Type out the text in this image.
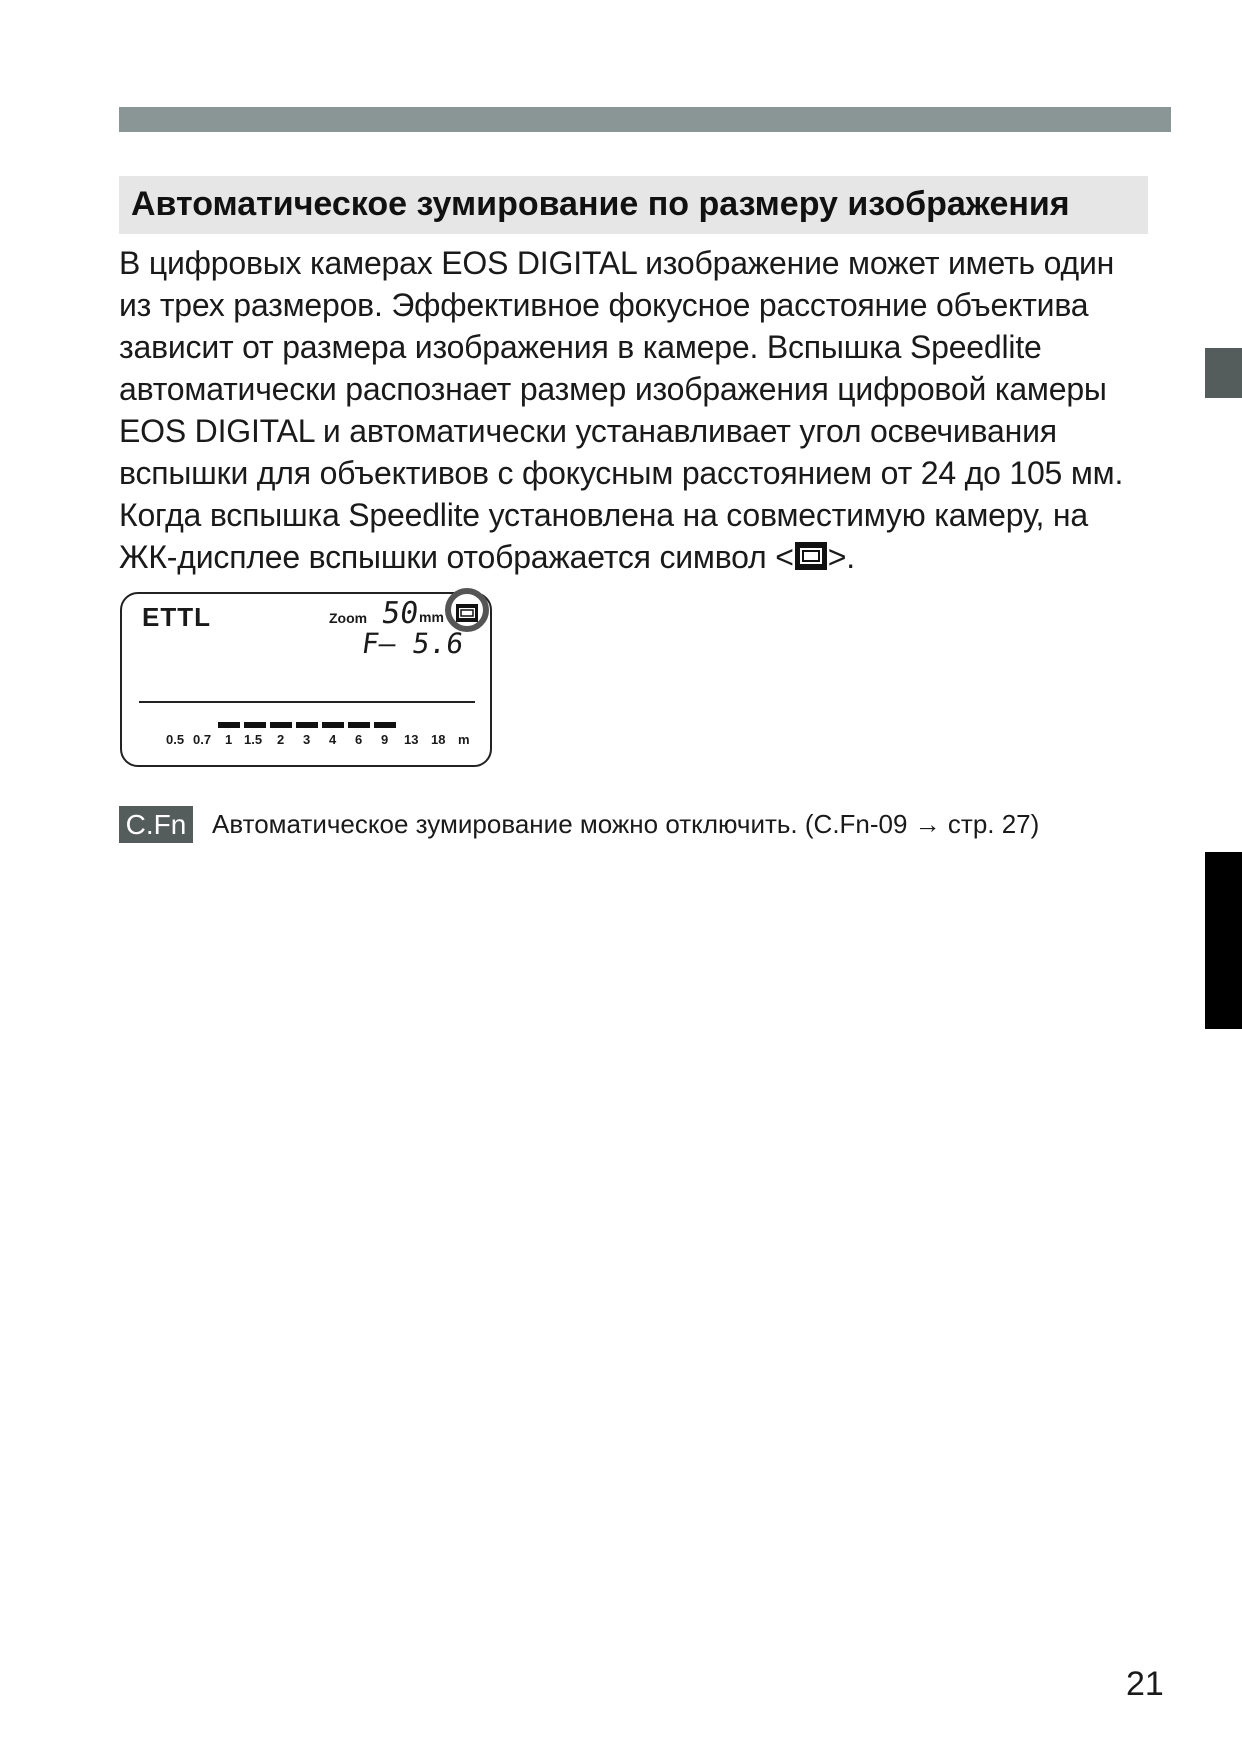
Автоматическое зумирование по размеру изображения
В цифровых камерах EOS DIGITAL изображение может иметь один
из трех размеров. Эффективное фокусное расстояние объектива
зависит от размера изображения в камере. Вспышка Speedlite
автоматически распознает размер изображения цифровой камеры
EOS DIGITAL и автоматически устанавливает угол освечивания
вспышки для объективов с фокусным расстоянием от 24 до 105 мм.
Когда вспышка Speedlite установлена на совместимую камеру, на
ЖК-дисплее вспышки отображается символ < >.
ETTL	Zoom 50
mm
F– 5.6
0.5 0.7 1 1.5 2 3 4 6 9 13 18 m
C.Fn Автоматическое зумирование можно отключить. (C.Fn-09 → стр. 27)
21
